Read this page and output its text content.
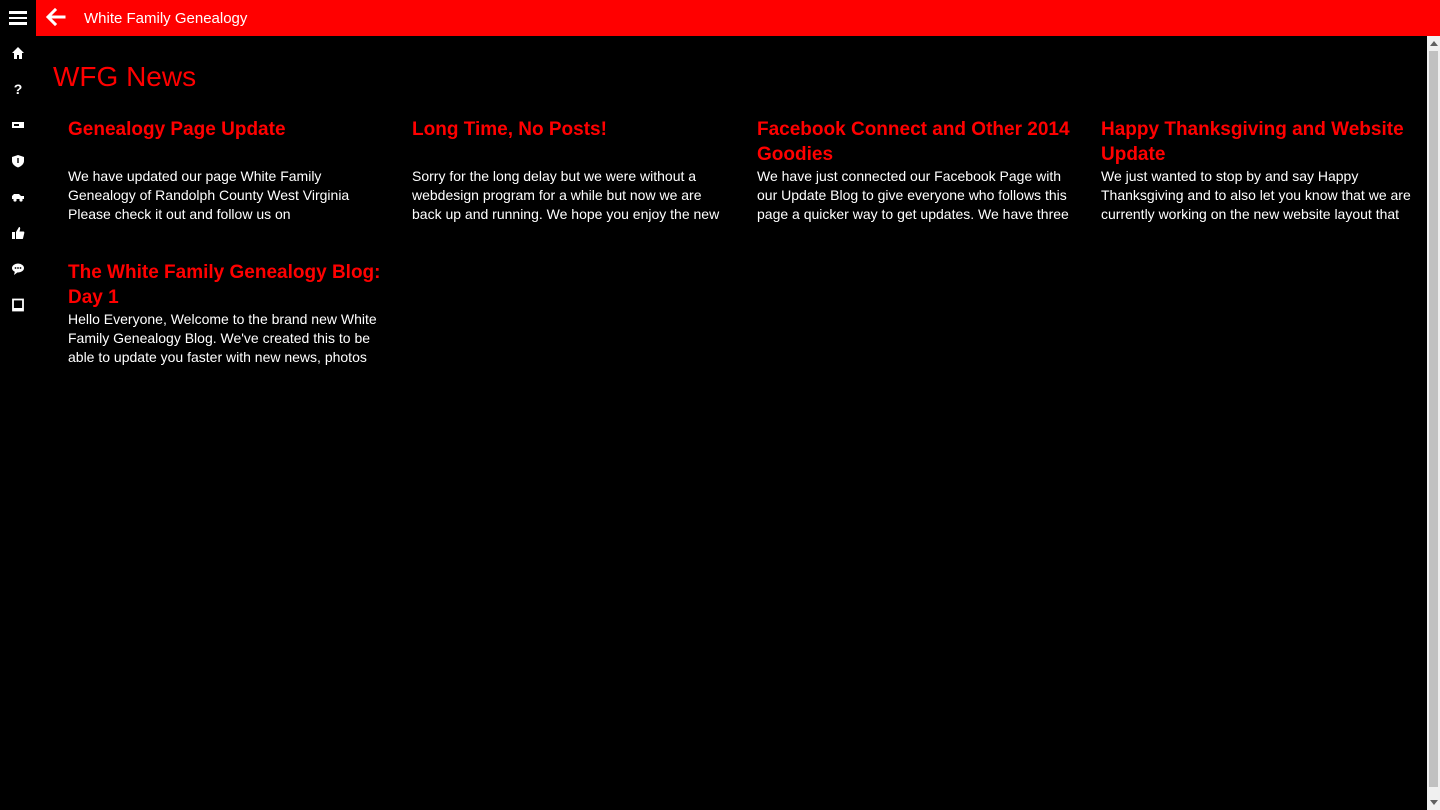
White Family Genealogy
? WFG News
Genealogy Page Update

We have updated our page White Family Genealogy of Randolph County West Virginia Please check it out and follow us on

Long Time, No Posts!

Sorry for the long delay but we were without a webdesign program for a while but now we are back up and running. We hope you enjoy the new

Facebook Connect and Other 2014 Goodies

We have just connected our Facebook Page with our Update Blog to give everyone who follows this page a quicker way to get updates. We have three

Happy Thanksgiving and Website Update

We just wanted to stop by and say Happy Thanksgiving and to also let you know that we are currently working on the new website layout that

The White Family Genealogy Blog: Day 1

Hello Everyone, Welcome to the brand new White Family Genealogy Blog. We've created this to be able to update you faster with new news, photos
